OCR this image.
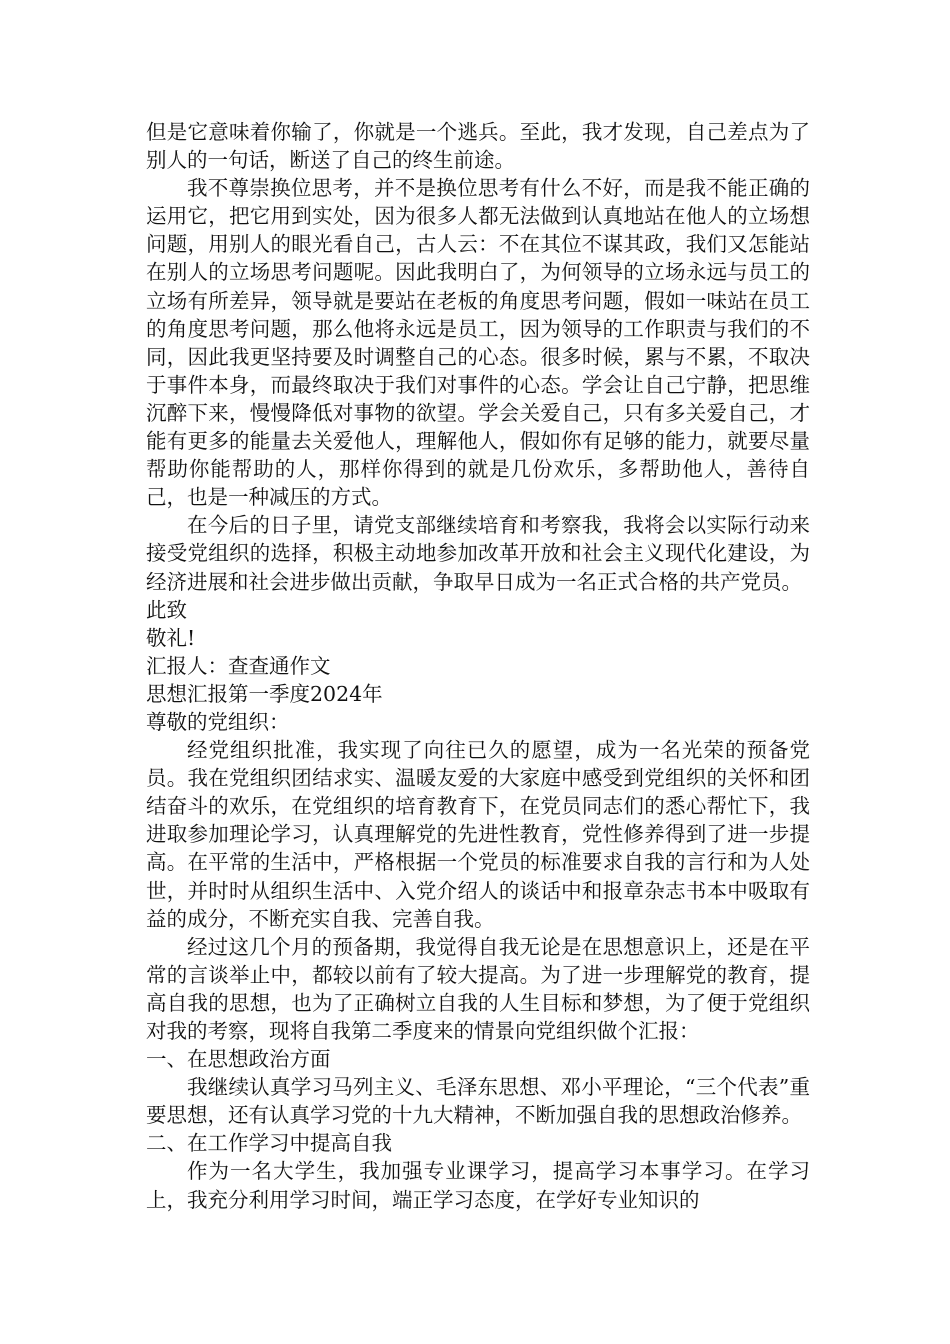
但是它意味着你输了，你就是一个逃兵。至此，我才发现，自己差点为了别人的一句话，断送了自己的终生前途。

我不尊崇换位思考，并不是换位思考有什么不好，而是我不能正确的运用它，把它用到实处，因为很多人都无法做到认真地站在他人的立场想问题，用别人的眼光看自己，古人云：不在其位不谋其政，我们又怎能站在别人的立场思考问题呢。因此我明白了，为何领导的立场永远与员工的立场有所差异，领导就是要站在老板的角度思考问题，假如一味站在员工的角度思考问题，那么他将永远是员工，因为领导的工作职责与我们的不同，因此我更坚持要及时调整自己的心态。很多时候，累与不累，不取决于事件本身，而最终取决于我们对事件的心态。学会让自己宁静，把思维沉醉下来，慢慢降低对事物的欲望。学会关爱自己，只有多关爱自己，才能有更多的能量去关爱他人，理解他人，假如你有足够的能力，就要尽量帮助你能帮助的人，那样你得到的就是几份欢乐，多帮助他人，善待自己，也是一种减压的方式。

在今后的日子里，请党支部继续培育和考察我，我将会以实际行动来接受党组织的选择，积极主动地参加改革开放和社会主义现代化建设，为经济进展和社会进步做出贡献，争取早日成为一名正式合格的共产党员。

此致

敬礼!

汇报人：查查通作文

思想汇报第一季度2024年

尊敬的党组织：

经党组织批准，我实现了向往已久的愿望，成为一名光荣的预备党员。我在党组织团结求实、温暖友爱的大家庭中感受到党组织的关怀和团结奋斗的欢乐，在党组织的培育教育下，在党员同志们的悉心帮忙下，我进取参加理论学习，认真理解党的先进性教育，党性修养得到了进一步提高。在平常的生活中，严格根据一个党员的标准要求自我的言行和为人处世，并时时从组织生活中、入党介绍人的谈话中和报章杂志书本中吸取有益的成分，不断充实自我、完善自我。

经过这几个月的预备期，我觉得自我无论是在思想意识上，还是在平常的言谈举止中，都较以前有了较大提高。为了进一步理解党的教育，提高自我的思想，也为了正确树立自我的人生目标和梦想，为了便于党组织对我的考察，现将自我第二季度来的情景向党组织做个汇报：

一、在思想政治方面

我继续认真学习马列主义、毛泽东思想、邓小平理论，“三个代表”重要思想，还有认真学习党的十九大精神，不断加强自我的思想政治修养。

二、在工作学习中提高自我

作为一名大学生，我加强专业课学习，提高学习本事学习。在学习上，我充分利用学习时间，端正学习态度，在学好专业知识的
